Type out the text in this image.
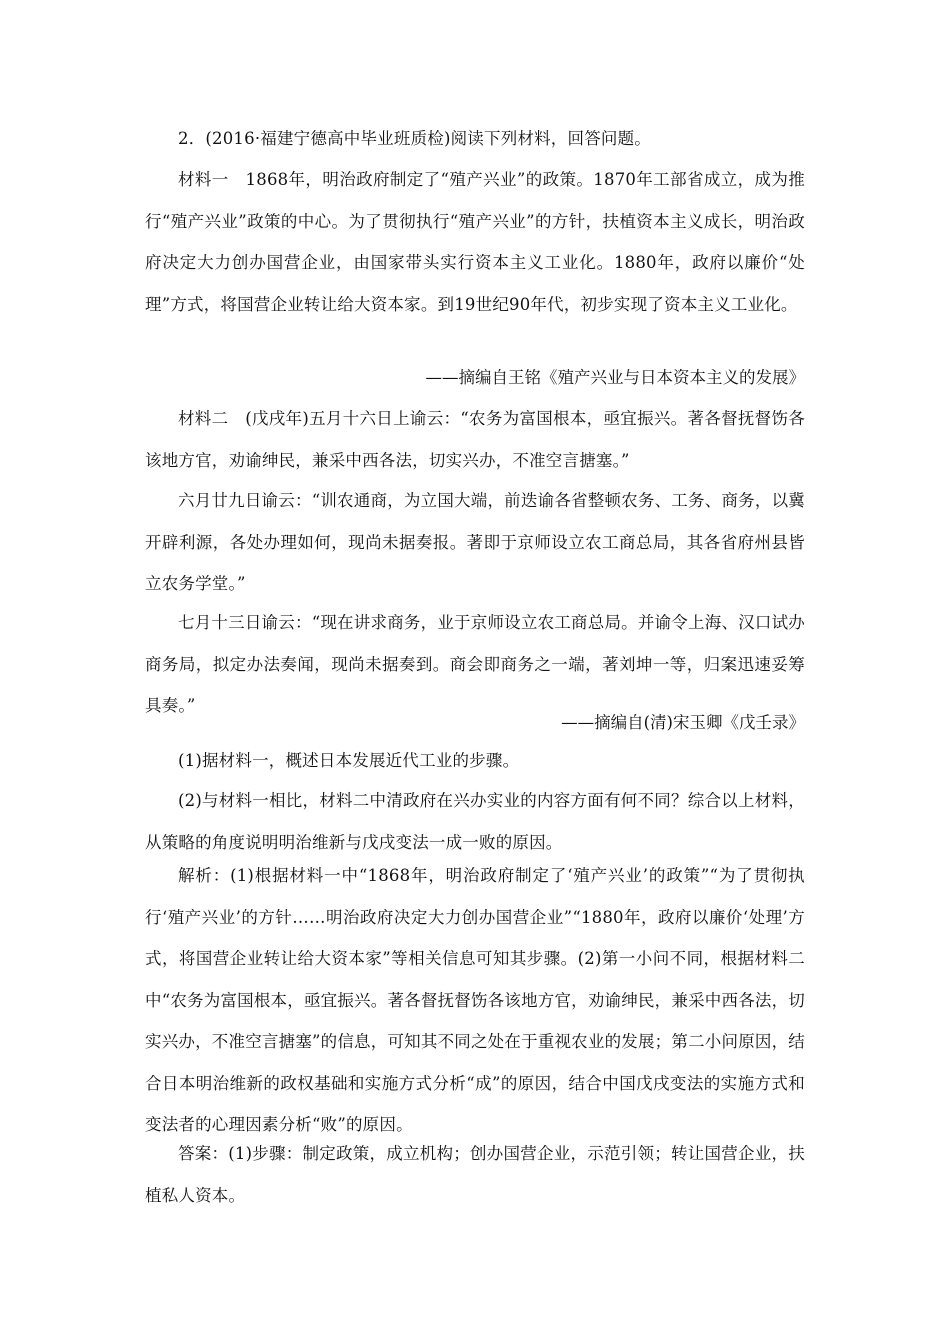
2．(2016·福建宁德高中毕业班质检)阅读下列材料，回答问题。

材料一　1868年，明治政府制定了“殖产兴业”的政策。1870年工部省成立，成为推行“殖产兴业”政策的中心。为了贯彻执行“殖产兴业”的方针，扶植资本主义成长，明治政府决定大力创办国营企业，由国家带头实行资本主义工业化。1880年，政府以廉价“处理”方式，将国营企业转让给大资本家。到19世纪90年代，初步实现了资本主义工业化。

——摘编自王铭《殖产兴业与日本资本主义的发展》

材料二　(戊戌年)五月十六日上谕云：“农务为富国根本，亟宜振兴。著各督抚督饬各该地方官，劝谕绅民，兼采中西各法，切实兴办，不准空言搪塞。”

六月廿九日谕云：“训农通商，为立国大端，前迭谕各省整顿农务、工务、商务，以冀开辟利源，各处办理如何，现尚未据奏报。著即于京师设立农工商总局，其各省府州县皆立农务学堂。”

七月十三日谕云：“现在讲求商务，业于京师设立农工商总局。并谕令上海、汉口试办商务局，拟定办法奏闻，现尚未据奏到。商会即商务之一端，著刘坤一等，归案迅速妥筹具奏。”

——摘编自(清)宋玉卿《戊壬录》

(1)据材料一，概述日本发展近代工业的步骤。

(2)与材料一相比，材料二中清政府在兴办实业的内容方面有何不同？综合以上材料，从策略的角度说明明治维新与戊戌变法一成一败的原因。

解析：(1)根据材料一中“1868年，明治政府制定了‘殖产兴业’的政策”“为了贯彻执行‘殖产兴业’的方针……明治政府决定大力创办国营企业”“1880年，政府以廉价‘处理’方式，将国营企业转让给大资本家”等相关信息可知其步骤。(2)第一小问不同，根据材料二中“农务为富国根本，亟宜振兴。著各督抚督饬各该地方官，劝谕绅民，兼采中西各法，切实兴办，不准空言搪塞”的信息，可知其不同之处在于重视农业的发展；第二小问原因，结合日本明治维新的政权基础和实施方式分析“成”的原因，结合中国戊戌变法的实施方式和变法者的心理因素分析“败”的原因。

答案：(1)步骤：制定政策，成立机构；创办国营企业，示范引领；转让国营企业，扶植私人资本。
